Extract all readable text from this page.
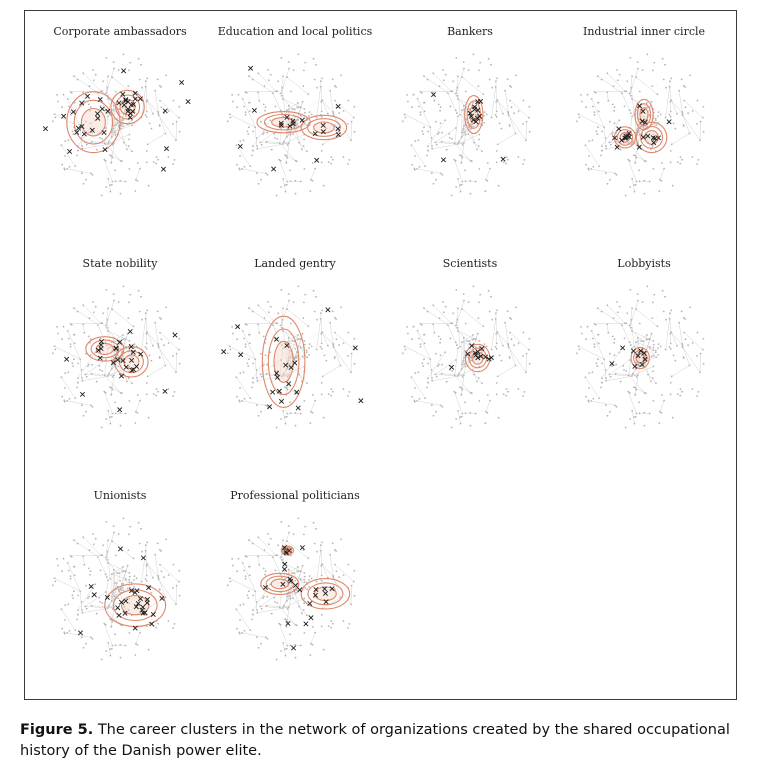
Corporate ambassadors	Education and local politics	Bankers	Industrial inner circle
State nobility	Landed gentry	Scientists	Lobbyists
Unionists	Professional politicians
Figure 5. The career clusters in the network of organizations created by the shared occupational history of the Danish power elite.
